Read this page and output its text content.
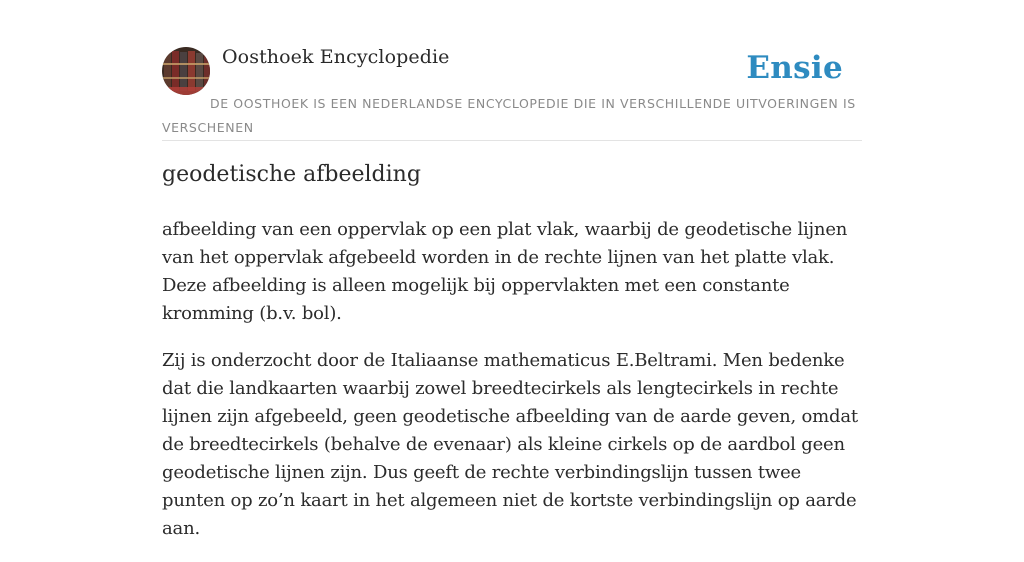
Oosthoek Encyclopedie	Ensie
DE OOSTHOEK IS EEN NEDERLANDSE ENCYCLOPEDIE DIE IN VERSCHILLENDE UITVOERINGEN IS VERSCHENEN
geodetische afbeelding

afbeelding van een oppervlak op een plat vlak, waarbij de geodetische lijnen van het oppervlak afgebeeld worden in de rechte lijnen van het platte vlak. Deze afbeelding is alleen mogelijk bij oppervlakten met een constante kromming (b.v. bol).

Zij is onderzocht door de Italiaanse mathematicus E.Beltrami. Men bedenke dat die landkaarten waarbij zowel breedtecirkels als lengtecirkels in rechte lijnen zijn afgebeeld, geen geodetische afbeelding van de aarde geven, omdat de breedtecirkels (behalve de evenaar) als kleine cirkels op de aardbol geen geodetische lijnen zijn. Dus geeft de rechte verbindingslijn tussen twee punten op zo’n kaart in het algemeen niet de kortste verbindingslijn op aarde aan.
